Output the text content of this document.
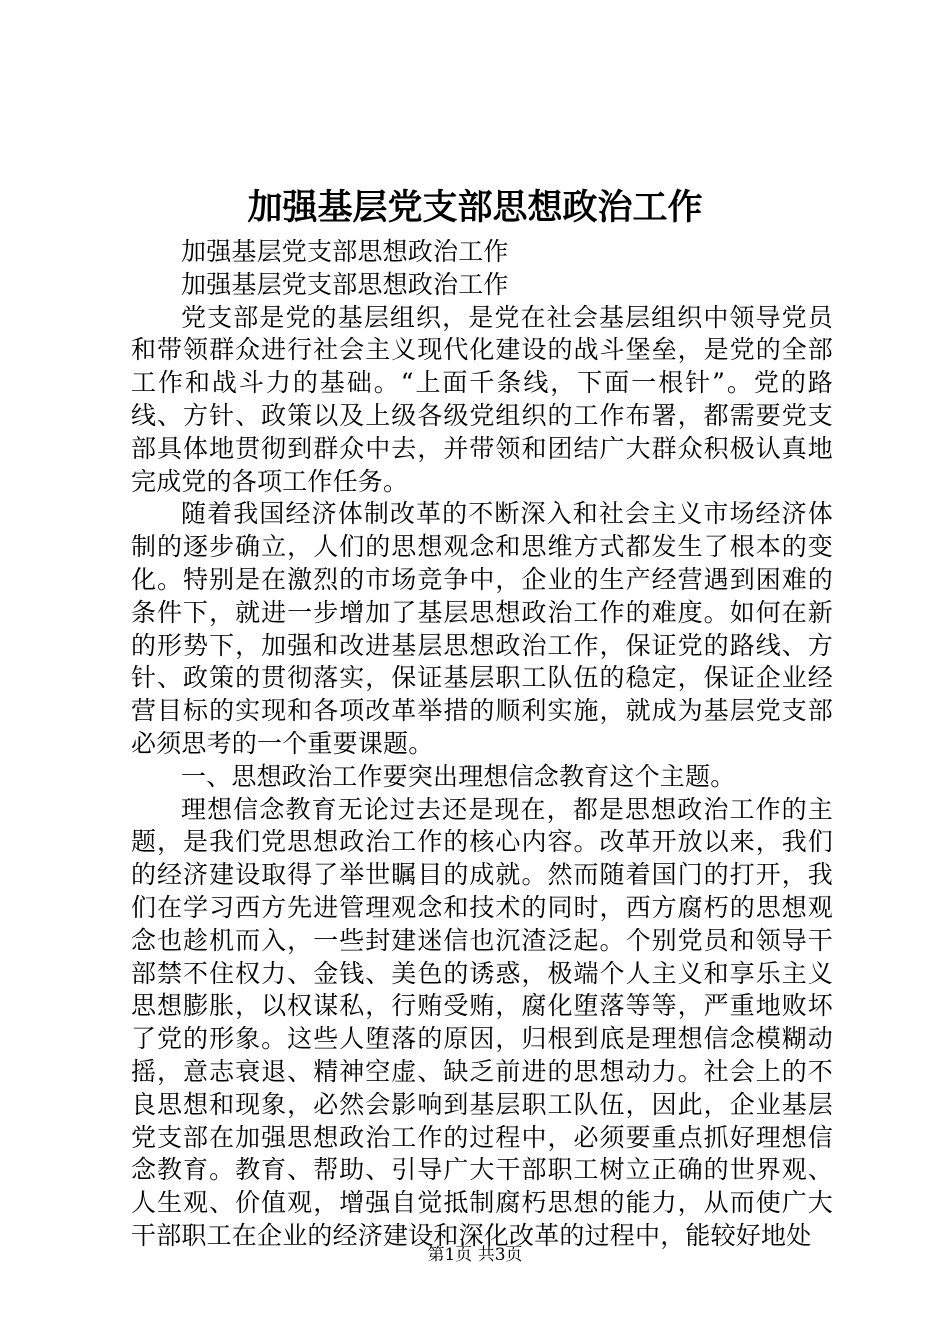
加强基层党支部思想政治工作

加强基层党支部思想政治工作

加强基层党支部思想政治工作

党支部是党的基层组织，是党在社会基层组织中领导党员和带领群众进行社会主义现代化建设的战斗堡垒，是党的全部工作和战斗力的基础。“上面千条线，下面一根针”。党的路线、方针、政策以及上级各级党组织的工作布署，都需要党支部具体地贯彻到群众中去，并带领和团结广大群众积极认真地完成党的各项工作任务。

随着我国经济体制改革的不断深入和社会主义市场经济体制的逐步确立，人们的思想观念和思维方式都发生了根本的变化。特别是在激烈的市场竞争中，企业的生产经营遇到困难的条件下，就进一步增加了基层思想政治工作的难度。如何在新的形势下，加强和改进基层思想政治工作，保证党的路线、方针、政策的贯彻落实，保证基层职工队伍的稳定，保证企业经营目标的实现和各项改革举措的顺利实施，就成为基层党支部必须思考的一个重要课题。

一、思想政治工作要突出理想信念教育这个主题。

理想信念教育无论过去还是现在，都是思想政治工作的主题，是我们党思想政治工作的核心内容。改革开放以来，我们的经济建设取得了举世瞩目的成就。然而随着国门的打开，我们在学习西方先进管理观念和技术的同时，西方腐朽的思想观念也趁机而入，一些封建迷信也沉渣泛起。个别党员和领导干部禁不住权力、金钱、美色的诱惑，极端个人主义和享乐主义思想膨胀，以权谋私，行贿受贿，腐化堕落等等，严重地败坏了党的形象。这些人堕落的原因，归根到底是理想信念模糊动摇，意志衰退、精神空虚、缺乏前进的思想动力。社会上的不良思想和现象，必然会影响到基层职工队伍，因此，企业基层党支部在加强思想政治工作的过程中，必须要重点抓好理想信念教育。教育、帮助、引导广大干部职工树立正确的世界观、人生观、价值观，增强自觉抵制腐朽思想的能力，从而使广大干部职工在企业的经济建设和深化改革的过程中，能较好地处

第1页 共3页
